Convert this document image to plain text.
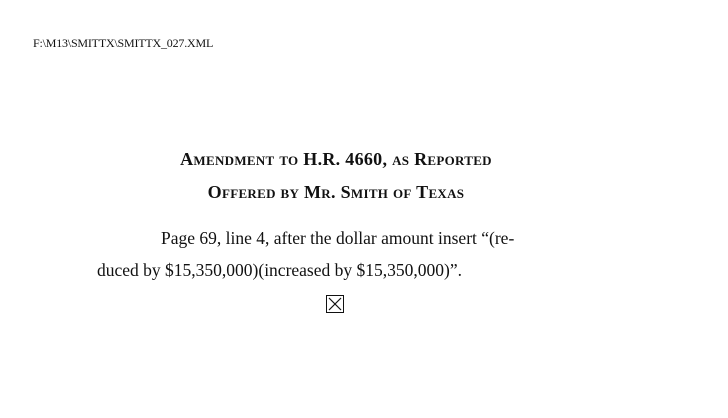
F:\M13\SMITTX\SMITTX_027.XML
Amendment to H.R. 4660, as Reported
Offered by Mr. Smith of Texas
Page 69, line 4, after the dollar amount insert “(re-
duced by $15,350,000)(increased by $15,350,000)”.
